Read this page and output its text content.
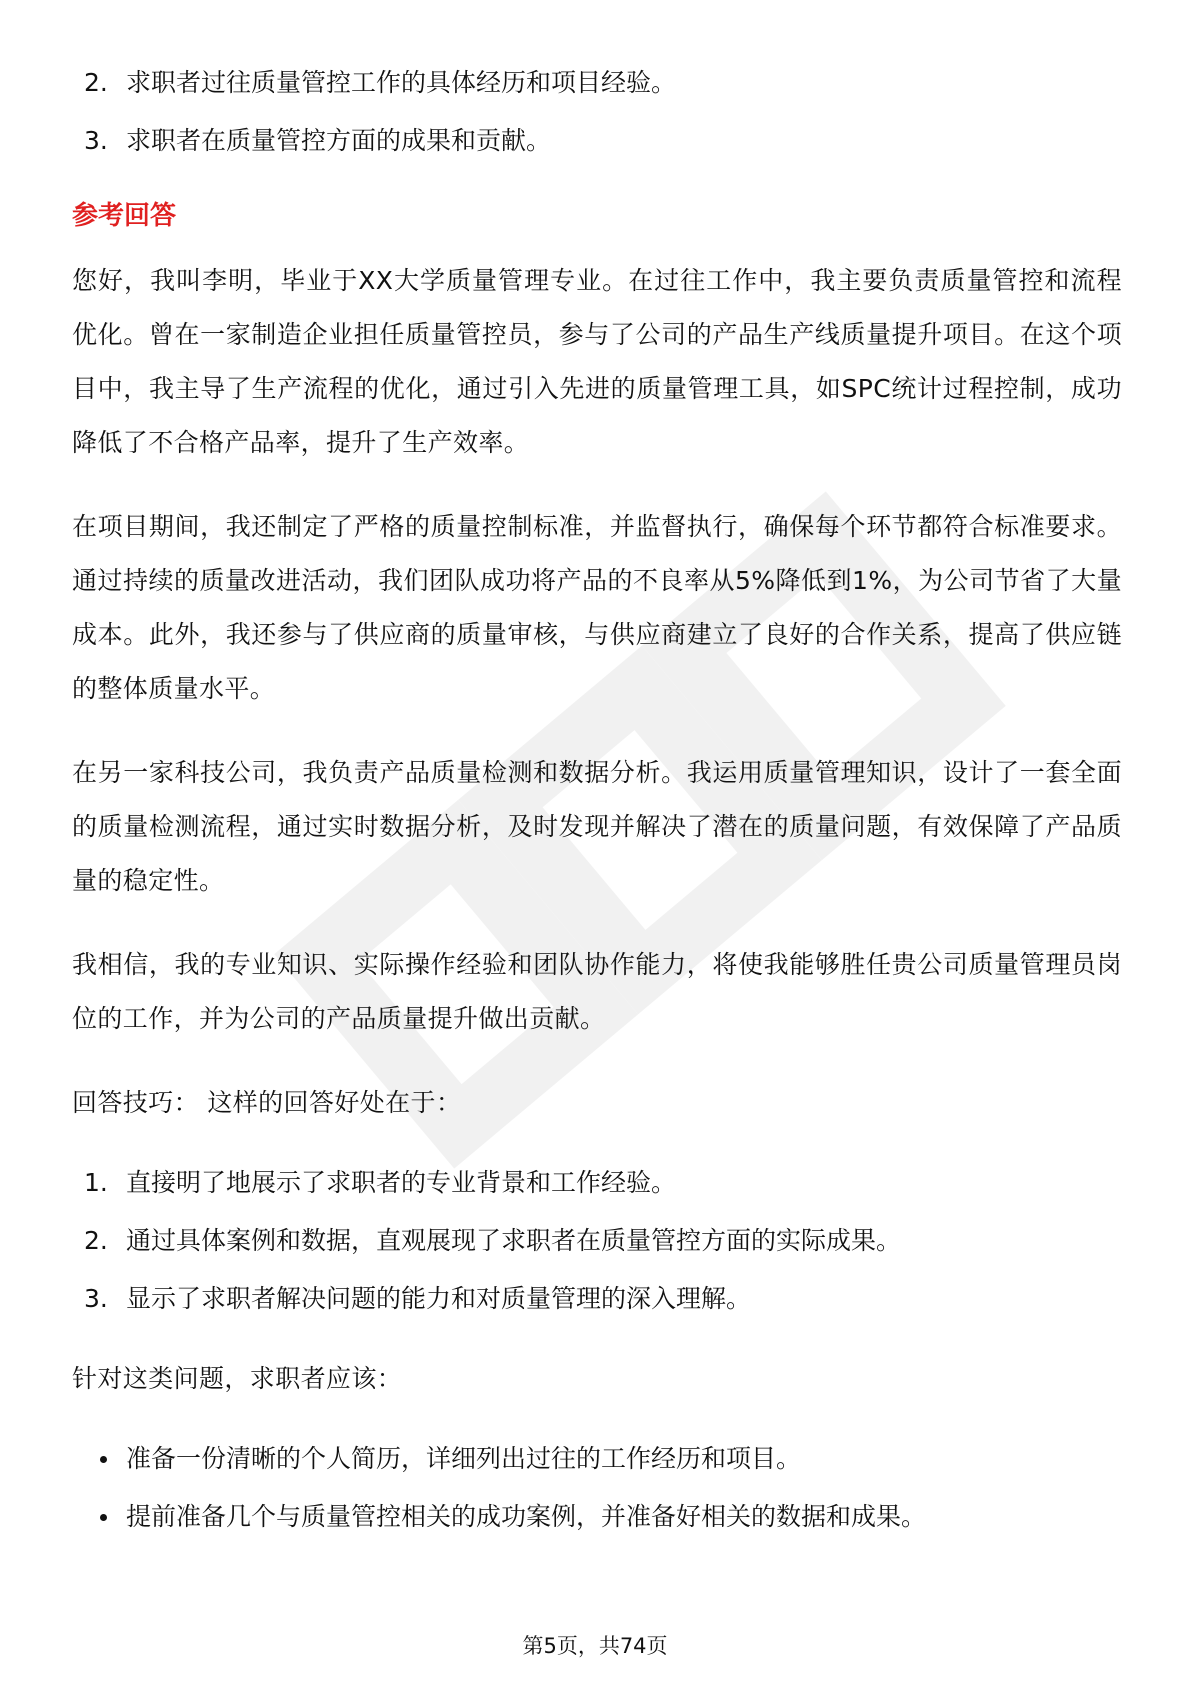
2. 求职者过往质量管控工作的具体经历和项目经验。
3. 求职者在质量管控方面的成果和贡献。
参考回答

您好，我叫李明，毕业于XX大学质量管理专业。在过往工作中，我主要负责质量管控和流程优化。曾在一家制造企业担任质量管控员，参与了公司的产品生产线质量提升项目。在这个项目中，我主导了生产流程的优化，通过引入先进的质量管理工具，如SPC统计过程控制，成功降低了不合格产品率，提升了生产效率。

在项目期间，我还制定了严格的质量控制标准，并监督执行，确保每个环节都符合标准要求。通过持续的质量改进活动，我们团队成功将产品的不良率从5%降低到1%，为公司节省了大量成本。此外，我还参与了供应商的质量审核，与供应商建立了良好的合作关系，提高了供应链的整体质量水平。

在另一家科技公司，我负责产品质量检测和数据分析。我运用质量管理知识，设计了一套全面的质量检测流程，通过实时数据分析，及时发现并解决了潜在的质量问题，有效保障了产品质量的稳定性。

我相信，我的专业知识、实际操作经验和团队协作能力，将使我能够胜任贵公司质量管理员岗位的工作，并为公司的产品质量提升做出贡献。

回答技巧： 这样的回答好处在于：

1. 直接明了地展示了求职者的专业背景和工作经验。
2. 通过具体案例和数据，直观展现了求职者在质量管控方面的实际成果。
3. 显示了求职者解决问题的能力和对质量管理的深入理解。

针对这类问题，求职者应该：

准备一份清晰的个人简历，详细列出过往的工作经历和项目。
提前准备几个与质量管控相关的成功案例，并准备好相关的数据和成果。
第5页，共74页
